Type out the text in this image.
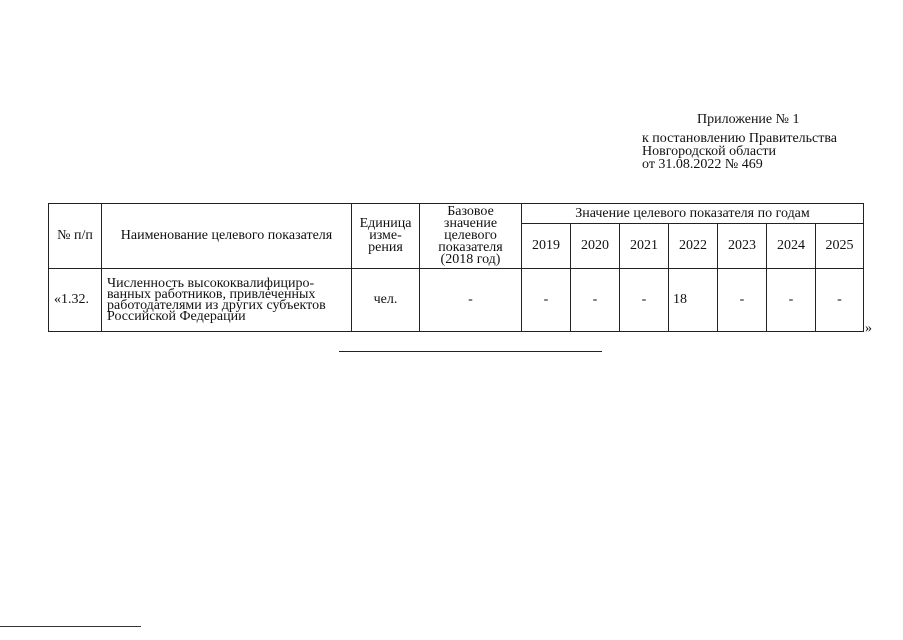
Приложение № 1
к постановлению Правительства
Новгородской области
от 31.08.2022 № 469
№ п/п	Наименование целевого показателя	Единица изме- рения	Базовое значение целевого показателя (2018 год)	Значение целевого показателя по годам						
				2019	2020	2021	2022	2023	2024	2025
«1.32.	Численность высококвалифициро- ванных работников, привлеченных работодателями из других субъектов Российской Федерации	чел.	-	-	-	-	18	-	-	-
»
